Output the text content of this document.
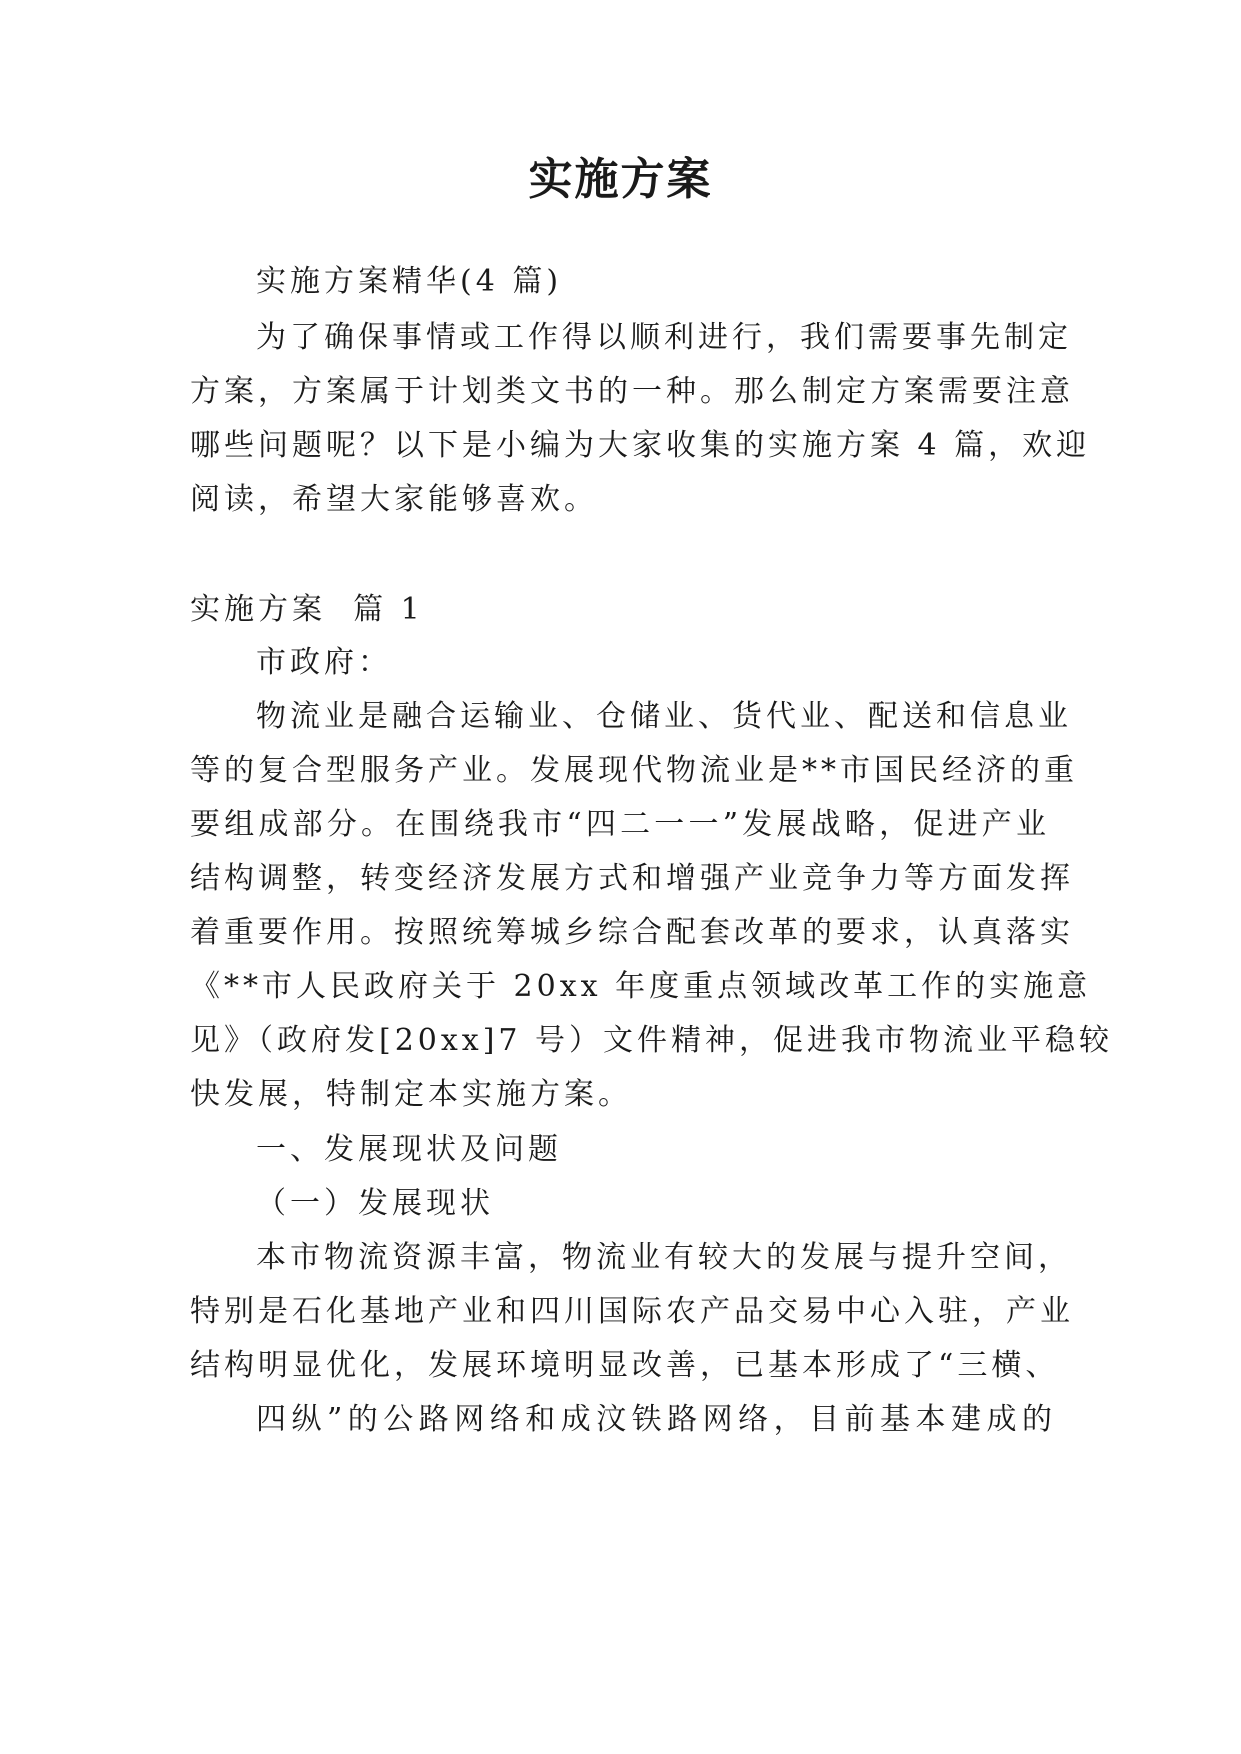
实施方案

实施方案精华(4 篇)

为了确保事情或工作得以顺利进行，我们需要事先制定

方案，方案属于计划类文书的一种。那么制定方案需要注意

哪些问题呢？以下是小编为大家收集的实施方案 4 篇，欢迎

阅读，希望大家能够喜欢。

实施方案  篇 1

市政府：

物流业是融合运输业、仓储业、货代业、配送和信息业

等的复合型服务产业。发展现代物流业是**市国民经济的重

要组成部分。在围绕我市“四二一一”发展战略，促进产业

结构调整，转变经济发展方式和增强产业竞争力等方面发挥

着重要作用。按照统筹城乡综合配套改革的要求，认真落实

《**市人民政府关于 20xx 年度重点领域改革工作的实施意

见》（政府发[20xx]7 号）文件精神，促进我市物流业平稳较

快发展，特制定本实施方案。

一、发展现状及问题

（一）发展现状

本市物流资源丰富，物流业有较大的发展与提升空间，

特别是石化基地产业和四川国际农产品交易中心入驻，产业

结构明显优化，发展环境明显改善，已基本形成了“三横、

四纵”的公路网络和成汶铁路网络，目前基本建成的
